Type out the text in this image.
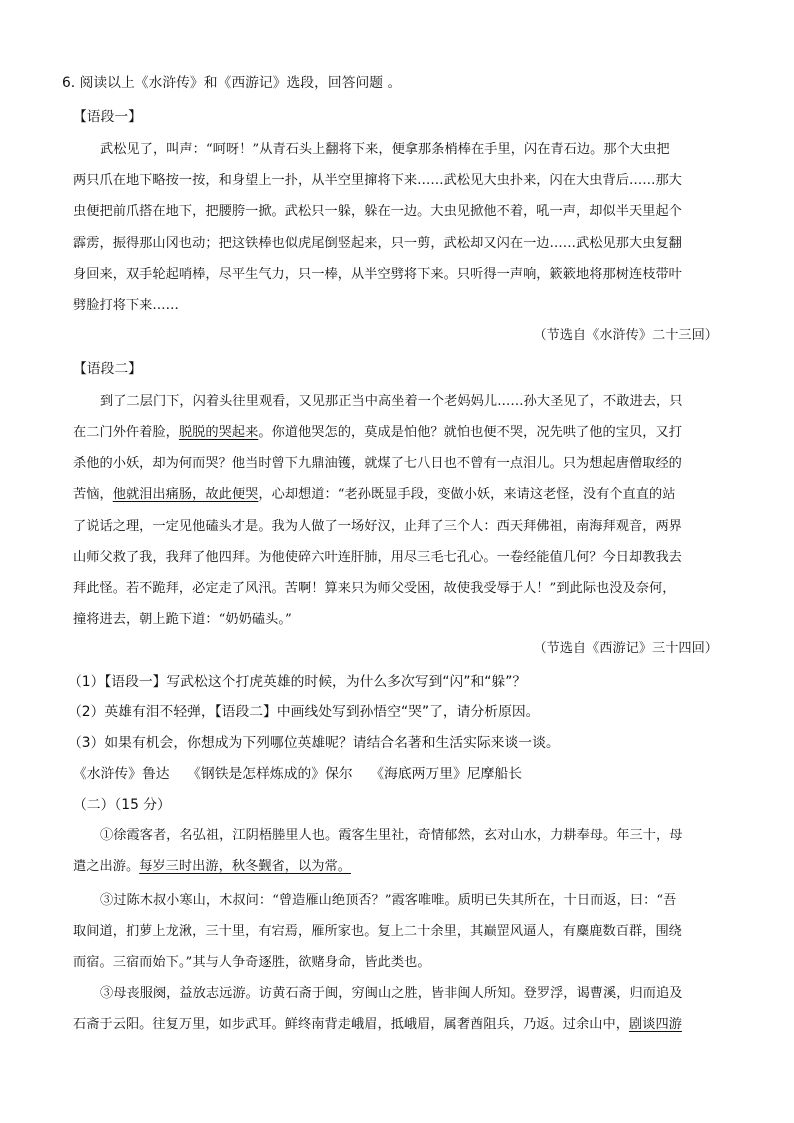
6. 阅读以上《水浒传》和《西游记》选段，回答问题 。
【语段一】
武松见了，叫声：“呵呀！”从青石头上翻将下来，便拿那条梢棒在手里，闪在青石边。那个大虫把
两只爪在地下略按一按，和身望上一扑，从半空里撺将下来……武松见大虫扑来，闪在大虫背后……那大
虫便把前爪搭在地下，把腰胯一掀。武松只一躲，躲在一边。大虫见掀他不着，吼一声，却似半天里起个
霹雳，振得那山冈也动；把这铁棒也似虎尾倒竖起来，只一剪，武松却又闪在一边……武松见那大虫复翻
身回来，双手轮起哨棒，尽平生气力，只一棒，从半空劈将下来。只听得一声响，簌簌地将那树连枝带叶
劈脸打将下来……
（节选自《水浒传》二十三回）
【语段二】
到了二层门下，闪着头往里观看，又见那正当中高坐着一个老妈妈儿……孙大圣见了，不敢进去，只
在二门外仵着脸，脱脱的哭起来。你道他哭怎的，莫成是怕他？就怕也便不哭，况先哄了他的宝贝，又打
杀他的小妖，却为何而哭？他当时曾下九鼎油镬，就煤了七八日也不曾有一点泪儿。只为想起唐僧取经的
苦恼，他就泪出痛肠，故此便哭，心却想道：“老孙既显手段，变做小妖，来请这老怪，没有个直直的站
了说话之理，一定见他磕头才是。我为人做了一场好汉，止拜了三个人：西天拜佛祖，南海拜观音，两界
山师父救了我，我拜了他四拜。为他使碎六叶连肝肺，用尽三毛七孔心。一卷经能值几何？今日却教我去
拜此怪。若不跪拜，必定走了风汛。苦啊！算来只为师父受困，故使我受辱于人！”到此际也没及奈何，
撞将进去，朝上跪下道：“奶奶磕头。”
（节选自《西游记》三十四回）
（1）【语段一】写武松这个打虎英雄的时候，为什么多次写到“闪”和“躲”？
（2）英雄有泪不轻弹，【语段二】中画线处写到孙悟空“哭”了，请分析原因。
（3）如果有机会，你想成为下列哪位英雄呢？请结合名著和生活实际来谈一谈。
《水浒传》鲁达    《钢铁是怎样炼成的》保尔    《海底两万里》尼摩船长
（二）（15 分）
①徐霞客者，名弘祖，江阴梧塍里人也。霞客生里社，奇情郁然，玄对山水，力耕奉母。年三十，母
遣之出游。每岁三时出游，秋冬觐省，以为常。
③过陈木叔小寒山，木叔问：“曾造雁山绝顶否？”霞客唯唯。质明已失其所在，十日而返，曰：“吾
取间道，扪萝上龙湫，三十里，有宕焉，雁所家也。复上二十余里，其巅罡风逼人，有麋鹿数百群，围绕
而宿。三宿而始下。”其与人争奇逐胜，欲赌身命，皆此类也。
③母丧服阕，益放志远游。访黄石斋于闽，穷闽山之胜，皆非闽人所知。登罗浮，谒曹溪，归而追及
石斋于云阳。往复万里，如步武耳。鲜终南背走峨眉，抵峨眉，属奢酋阻兵，乃返。过余山中，剧谈四游
